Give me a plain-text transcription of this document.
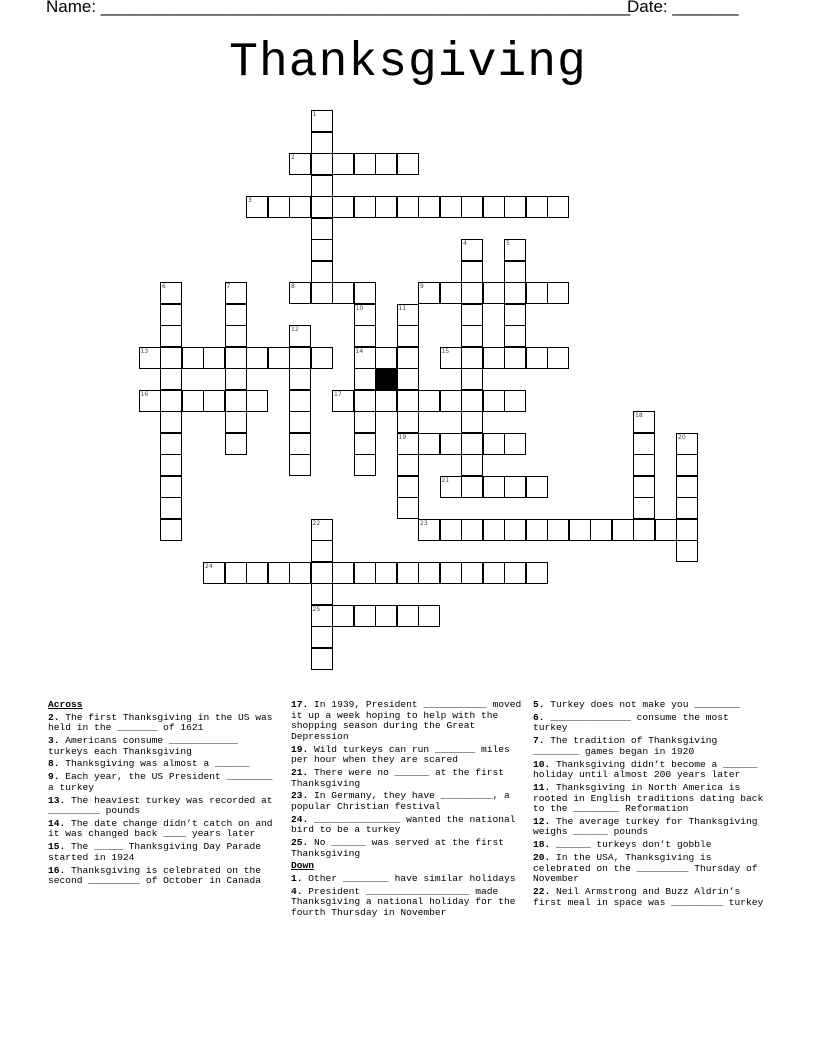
Name: ________________________________________________________
Date: _______
Thanksgiving
1
2
3
4	5
6	7	8	9
10
14
11
19
12
13	15
16	17
18
20
21
22
25
23
24
Across
2. The first Thanksgiving in the US was held in the _______ of 1621
3. Americans consume ____________ turkeys each Thanksgiving
8. Thanksgiving was almost a ______
9. Each year, the US President ________ a turkey
13. The heaviest turkey was recorded at _________ pounds
14. The date change didn’t catch on and it was changed back ____ years later
15. The _____ Thanksgiving Day Parade started in 1924
16. Thanksgiving is celebrated on the second _________ of October in Canada
17. In 1939, President ___________ moved it up a week hoping to help with the shopping season during the Great Depression
19. Wild turkeys can run _______ miles per hour when they are scared
21. There were no ______ at the first Thanksgiving
23. In Germany, they have _________, a popular Christian festival
24. _______________ wanted the national bird to be a turkey
25. No ______ was served at the first Thanksgiving
Down
1. Other ________ have similar holidays
4. President __________________ made Thanksgiving a national holiday for the fourth Thursday in November
5. Turkey does not make you ________
6. ______________ consume the most turkey
7. The tradition of Thanksgiving ________ games began in 1920
10. Thanksgiving didn’t become a ______ holiday until almost 200 years later
11. Thanksgiving in North America is rooted in English traditions dating back to the ________ Reformation
12. The average turkey for Thanksgiving weighs ______ pounds
18. ______ turkeys don’t gobble
20. In the USA, Thanksgiving is celebrated on the _________ Thursday of November
22. Neil Armstrong and Buzz Aldrin’s first meal in space was _________ turkey
